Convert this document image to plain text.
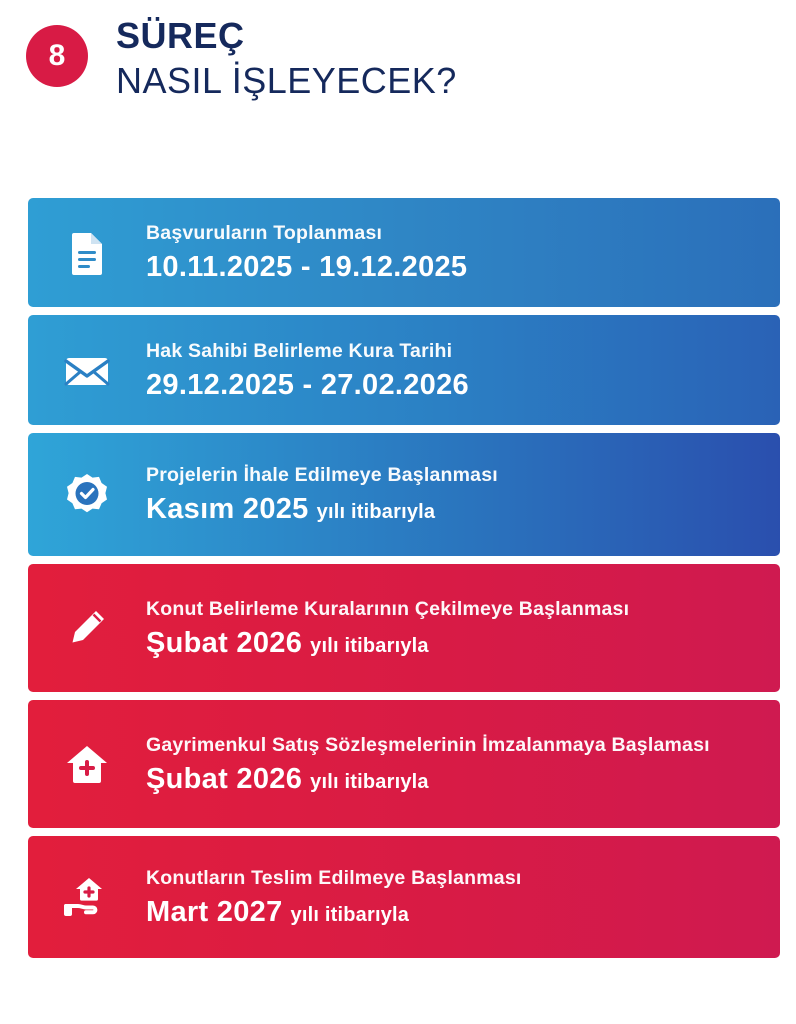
8	SÜREÇ
NASIL İŞLEYECEK?
Başvuruların Toplanması
10.11.2025 - 19.12.2025
Hak Sahibi Belirleme Kura Tarihi
29.12.2025 - 27.02.2026
Projelerin İhale Edilmeye Başlanması
Kasım 2025 yılı itibarıyla
Konut Belirleme Kuralarının Çekilmeye Başlanması
Şubat 2026 yılı itibarıyla
Gayrimenkul Satış Sözleşmelerinin İmzalanmaya Başlaması
Şubat 2026 yılı itibarıyla
Konutların Teslim Edilmeye Başlanması
Mart 2027 yılı itibarıyla
